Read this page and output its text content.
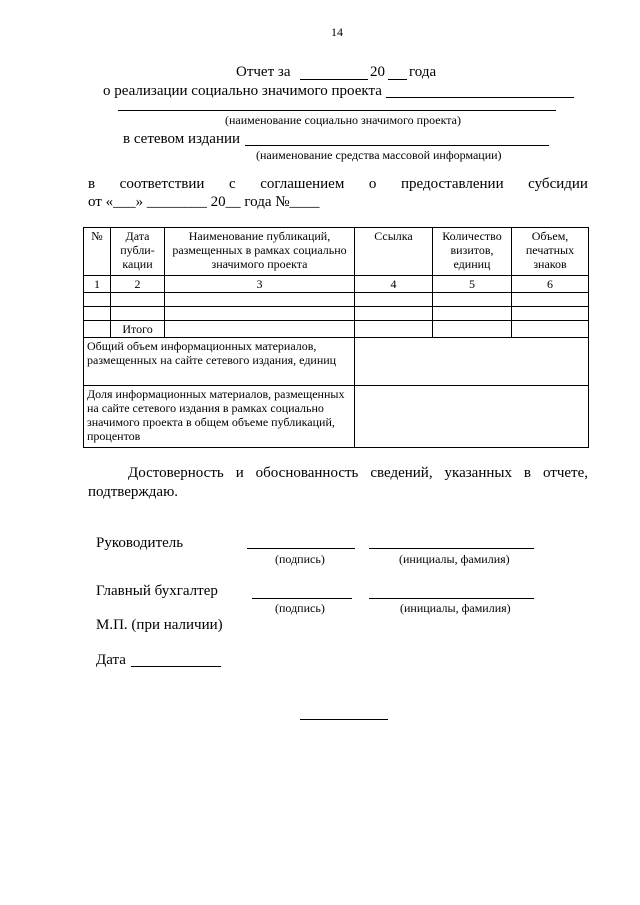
14
Отчет за	20 года
о реализации социально значимого проекта
(наименование социально значимого проекта)
в сетевом издании
(наименование средства массовой информации)
в соответствии с соглашением о предоставлении субсидии
от «___» ________ 20__ года №____
№	Дата публи- кации	Наименование публикаций, размещенных в рамках социально значимого проекта	Ссылка	Количество визитов, единиц	Объем, печатных знаков
1	2	3	4	5	6

	Итого				
Общий объем информационных материалов, размещенных на сайте сетевого издания, единиц					
Доля информационных материалов, размещенных на сайте сетевого издания в рамках социально значимого проекта в общем объеме публикаций, процентов					
Достоверность и обоснованность сведений, указанных в отчете,
подтверждаю.
Руководитель
(подпись)	(инициалы, фамилия)
Главный бухгалтер
(подпись)	(инициалы, фамилия)
М.П. (при наличии)
Дата
